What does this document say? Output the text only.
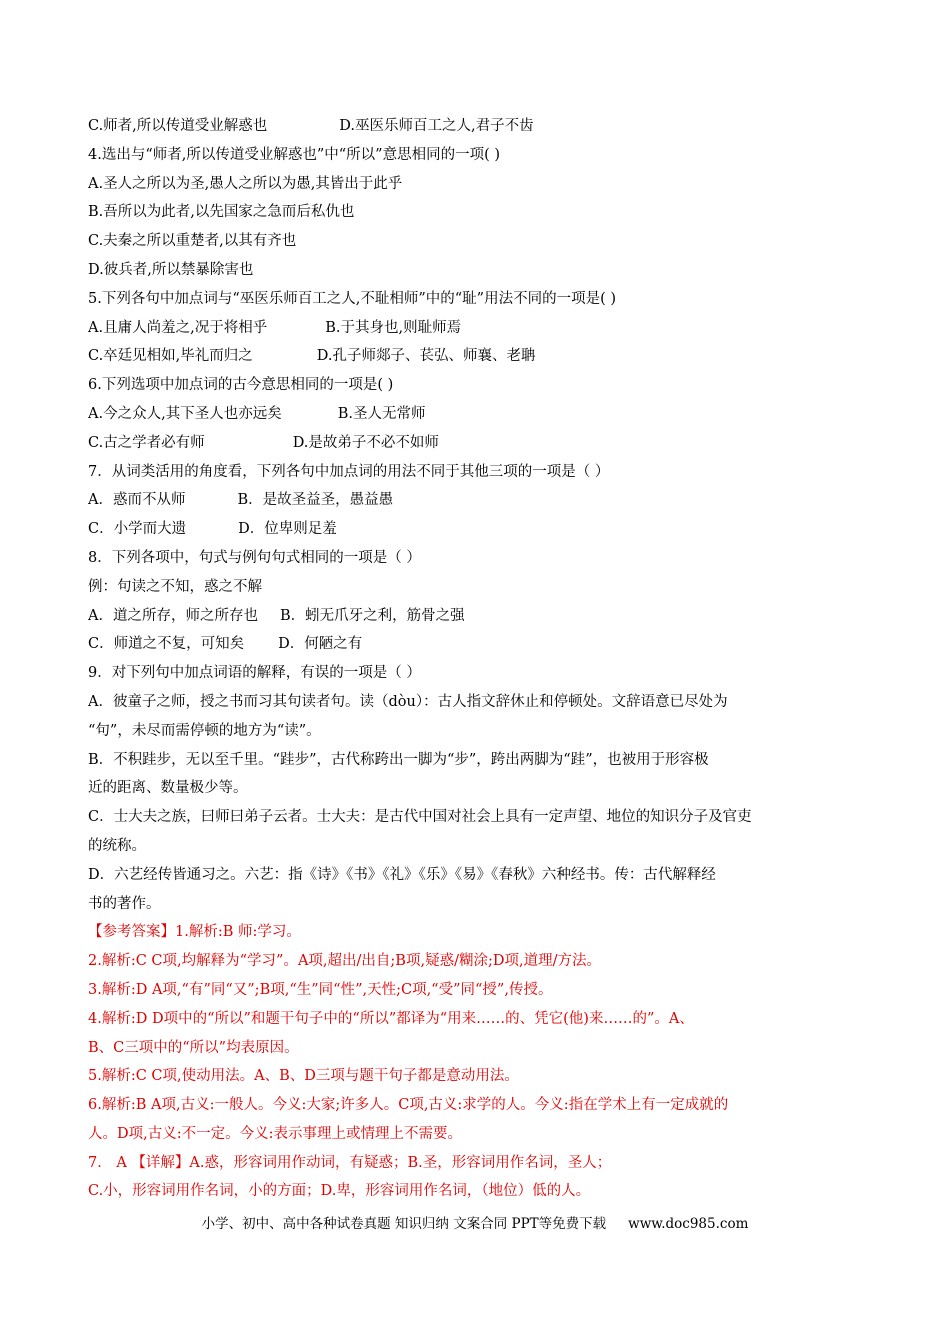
C.师者,所以传道受业解惑也	D.巫医乐师百工之人,君子不齿
4.选出与“师者,所以传道受业解惑也”中“所以”意思相同的一项( )
A.圣人之所以为圣,愚人之所以为愚,其皆出于此乎
B.吾所以为此者,以先国家之急而后私仇也
C.夫秦之所以重楚者,以其有齐也
D.彼兵者,所以禁暴除害也
5.下列各句中加点词与“巫医乐师百工之人,不耻相师”中的“耻”用法不同的一项是( )
A.且庸人尚羞之,况于将相乎	B.于其身也,则耻师焉
C.卒廷见相如,毕礼而归之	D.孔子师郯子、苌弘、师襄、老聃
6.下列选项中加点词的古今意思相同的一项是( )
A.今之众人,其下圣人也亦远矣	B.圣人无常师
C.古之学者必有师	D.是故弟子不必不如师
7．从词类活用的角度看，下列各句中加点词的用法不同于其他三项的一项是（ ）
A．惑而不从师	B．是故圣益圣，愚益愚
C．小学而大遗	D．位卑则足羞
8．下列各项中，句式与例句句式相同的一项是（ ）
例：句读之不知，惑之不解
A．道之所存，师之所存也 B．蚓无爪牙之利，筋骨之强
C．师道之不复，可知矣 D．何陋之有
9．对下列句中加点词语的解释，有误的一项是（ ）
A．彼童子之师，授之书而习其句读者句。读（dòu）：古人指文辞休止和停顿处。文辞语意已尽处为
“句”，未尽而需停顿的地方为“读”。
B．不积跬步，无以至千里。“跬步”，古代称跨出一脚为“步”，跨出两脚为“跬”，也被用于形容极
近的距离、数量极少等。
C．士大夫之族，曰师曰弟子云者。士大夫：是古代中国对社会上具有一定声望、地位的知识分子及官吏
的统称。
D．六艺经传皆通习之。六艺：指《诗》《书》《礼》《乐》《易》《春秋》六种经书。传：古代解释经
书的著作。
【参考答案】1.解析:B 师:学习。
2.解析:C C项,均解释为“学习”。A项,超出/出自;B项,疑惑/糊涂;D项,道理/方法。
3.解析:D A项,“有”同“又”;B项,“生”同“性”,天性;C项,“受”同“授”,传授。
4.解析:D D项中的“所以”和题干句子中的“所以”都译为“用来……的、凭它(他)来……的”。A、
B、C三项中的“所以”均表原因。
5.解析:C C项,使动用法。A、B、D三项与题干句子都是意动用法。
6.解析:B A项,古义:一般人。今义:大家;许多人。C项,古义:求学的人。今义:指在学术上有一定成就的
人。D项,古义:不一定。今义:表示事理上或情理上不需要。
7． A 【详解】A.惑，形容词用作动词，有疑惑；B.圣，形容词用作名词，圣人；
C.小，形容词用作名词，小的方面；D.卑，形容词用作名词，（地位）低的人。
小学、初中、高中各种试卷真题 知识归纳 文案合同 PPT等免费下载 www.doc985.com
